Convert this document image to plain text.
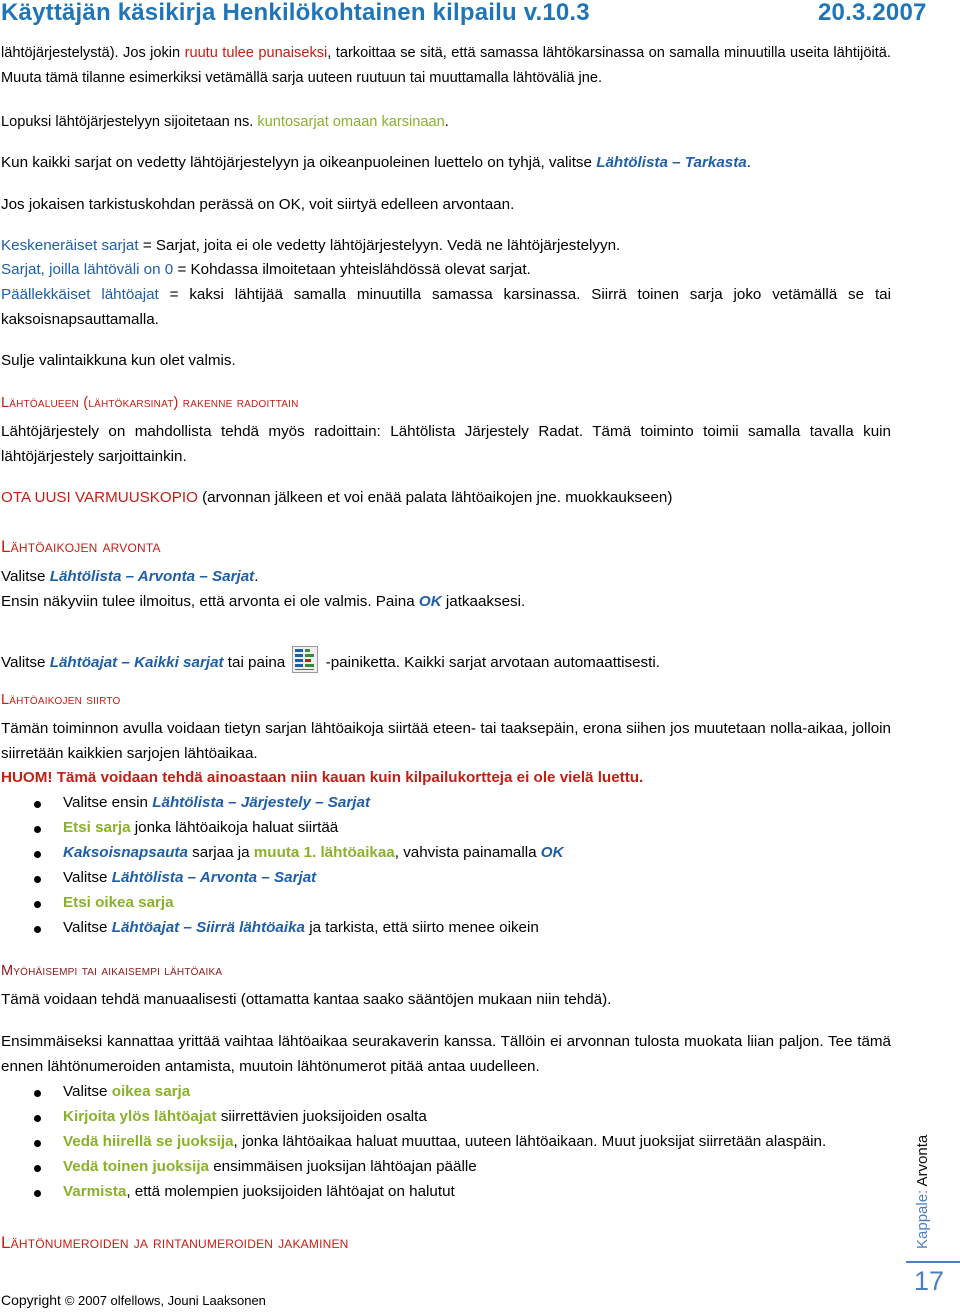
Käyttäjän käsikirja Henkilökohtainen kilpailu v.10.3	20.3.2007

lähtöjärjestelystä). Jos jokin ruutu tulee punaiseksi, tarkoittaa se sitä, että samassa lähtökarsinassa on samalla minuutilla useita lähtijöitä. Muuta tämä tilanne esimerkiksi vetämällä sarja uuteen ruutuun tai muuttamalla lähtöväliä jne.

Lopuksi lähtöjärjestelyyn sijoitetaan ns. kuntosarjat omaan karsinaan.

Kun kaikki sarjat on vedetty lähtöjärjestelyyn ja oikeanpuoleinen luettelo on tyhjä, valitse Lähtölista – Tarkasta.

Jos jokaisen tarkistuskohdan perässä on OK, voit siirtyä edelleen arvontaan.

Keskeneräiset sarjat = Sarjat, joita ei ole vedetty lähtöjärjestelyyn. Vedä ne lähtöjärjestelyyn.

Sarjat, joilla lähtöväli on 0 = Kohdassa ilmoitetaan yhteislähdössä olevat sarjat.

Päällekkäiset lähtöajat = kaksi lähtijää samalla minuutilla samassa karsinassa. Siirrä toinen sarja joko vetämällä se tai kaksoisnapsauttamalla.

Sulje valintaikkuna kun olet valmis.

Lähtöalueen (lähtökarsinat) rakenne radoittain

Lähtöjärjestely on mahdollista tehdä myös radoittain: Lähtölista Järjestely Radat. Tämä toiminto toimii samalla tavalla kuin lähtöjärjestely sarjoittainkin.

OTA UUSI VARMUUSKOPIO (arvonnan jälkeen et voi enää palata lähtöaikojen jne. muokkaukseen)

Lähtöaikojen arvonta

Valitse Lähtölista – Arvonta – Sarjat.

Ensin näkyviin tulee ilmoitus, että arvonta ei ole valmis. Paina OK jatkaaksesi.

Valitse Lähtöajat – Kaikki sarjat tai paina  -painiketta. Kaikki sarjat arvotaan automaattisesti.

Lähtöaikojen siirto

Tämän toiminnon avulla voidaan tietyn sarjan lähtöaikoja siirtää eteen- tai taaksepäin, erona siihen jos muutetaan nolla-aikaa, jolloin siirretään kaikkien sarjojen lähtöaikaa.

HUOM! Tämä voidaan tehdä ainoastaan niin kauan kuin kilpailukortteja ei ole vielä luettu.

Valitse ensin Lähtölista – Järjestely – Sarjat
Etsi sarja jonka lähtöaikoja haluat siirtää
Kaksoisnapsauta sarjaa ja muuta 1. lähtöaikaa, vahvista painamalla OK
Valitse Lähtölista – Arvonta – Sarjat
Etsi oikea sarja
Valitse Lähtöajat – Siirrä lähtöaika ja tarkista, että siirto menee oikein
Myöhäisempi tai aikaisempi lähtöaika

Tämä voidaan tehdä manuaalisesti (ottamatta kantaa saako sääntöjen mukaan niin tehdä).

Ensimmäiseksi kannattaa yrittää vaihtaa lähtöaikaa seurakaverin kanssa. Tällöin ei arvonnan tulosta muokata liian paljon. Tee tämä ennen lähtönumeroiden antamista, muutoin lähtönumerot pitää antaa uudelleen.

Valitse oikea sarja
Kirjoita ylös lähtöajat siirrettävien juoksijoiden osalta
Vedä hiirellä se juoksija, jonka lähtöaikaa haluat muuttaa, uuteen lähtöaikaan. Muut juoksijat siirretään alaspäin.
Vedä toinen juoksija ensimmäisen juoksijan lähtöajan päälle
Varmista, että molempien juoksijoiden lähtöajat on halutut
Lähtönumeroiden ja rintanumeroiden jakaminen
Copyright © 2007 olfellows, Jouni Laaksonen
Kappale: Arvonta
17
